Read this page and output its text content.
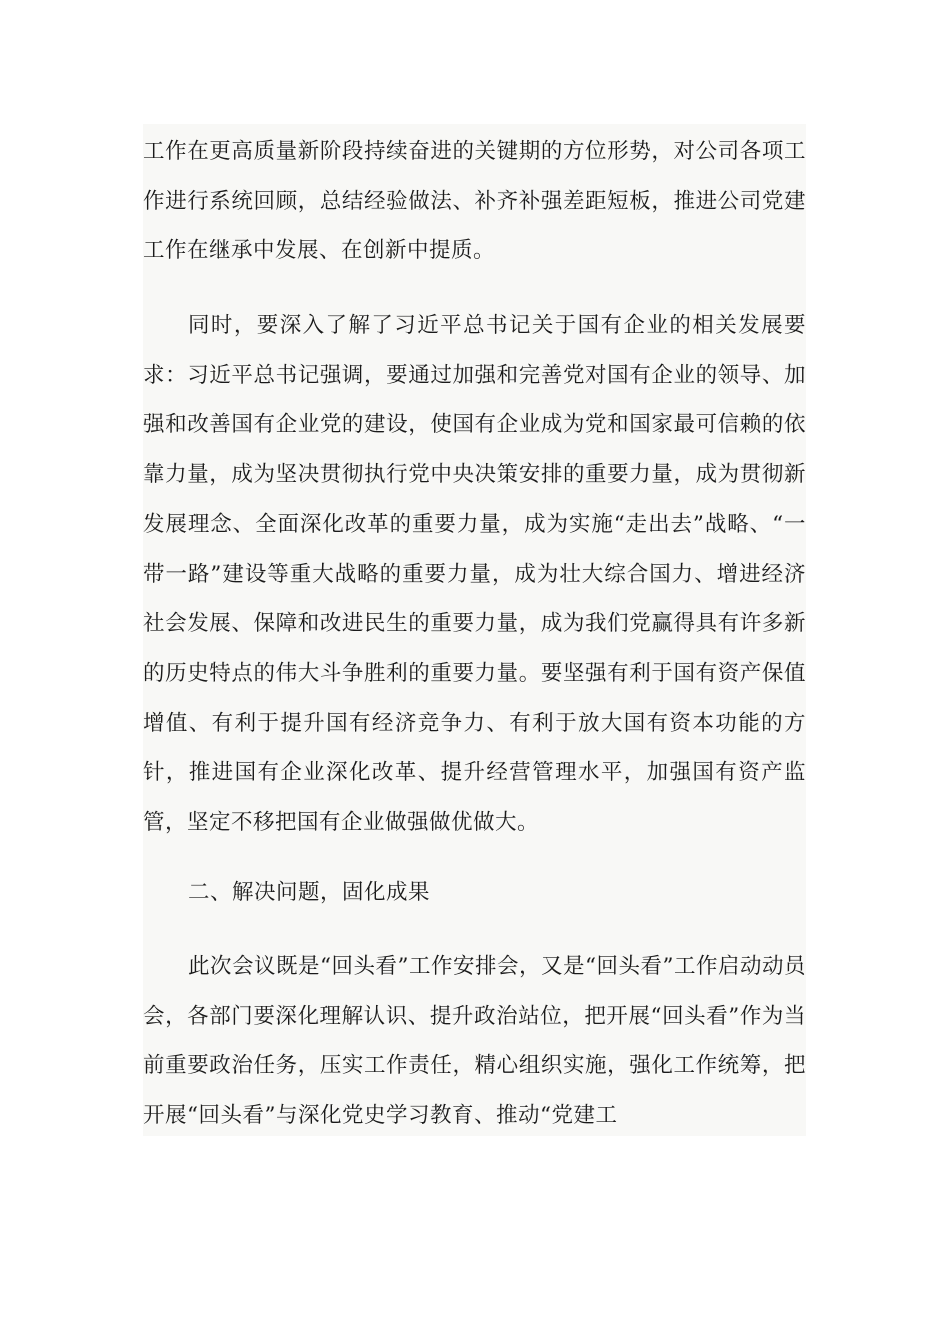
工作在更高质量新阶段持续奋进的关键期的方位形势，对公司各项工作进行系统回顾，总结经验做法、补齐补强差距短板，推进公司党建工作在继承中发展、在创新中提质。

同时，要深入了解了习近平总书记关于国有企业的相关发展要求：习近平总书记强调，要通过加强和完善党对国有企业的领导、加强和改善国有企业党的建设，使国有企业成为党和国家最可信赖的依靠力量，成为坚决贯彻执行党中央决策安排的重要力量，成为贯彻新发展理念、全面深化改革的重要力量，成为实施“走出去”战略、“一带一路”建设等重大战略的重要力量，成为壮大综合国力、增进经济社会发展、保障和改进民生的重要力量，成为我们党赢得具有许多新的历史特点的伟大斗争胜利的重要力量。要坚强有利于国有资产保值增值、有利于提升国有经济竞争力、有利于放大国有资本功能的方针，推进国有企业深化改革、提升经营管理水平，加强国有资产监管，坚定不移把国有企业做强做优做大。

二、解决问题，固化成果

此次会议既是“回头看”工作安排会，又是“回头看”工作启动动员会，各部门要深化理解认识、提升政治站位，把开展“回头看”作为当前重要政治任务，压实工作责任，精心组织实施，强化工作统筹，把开展“回头看”与深化党史学习教育、推动“党建工
